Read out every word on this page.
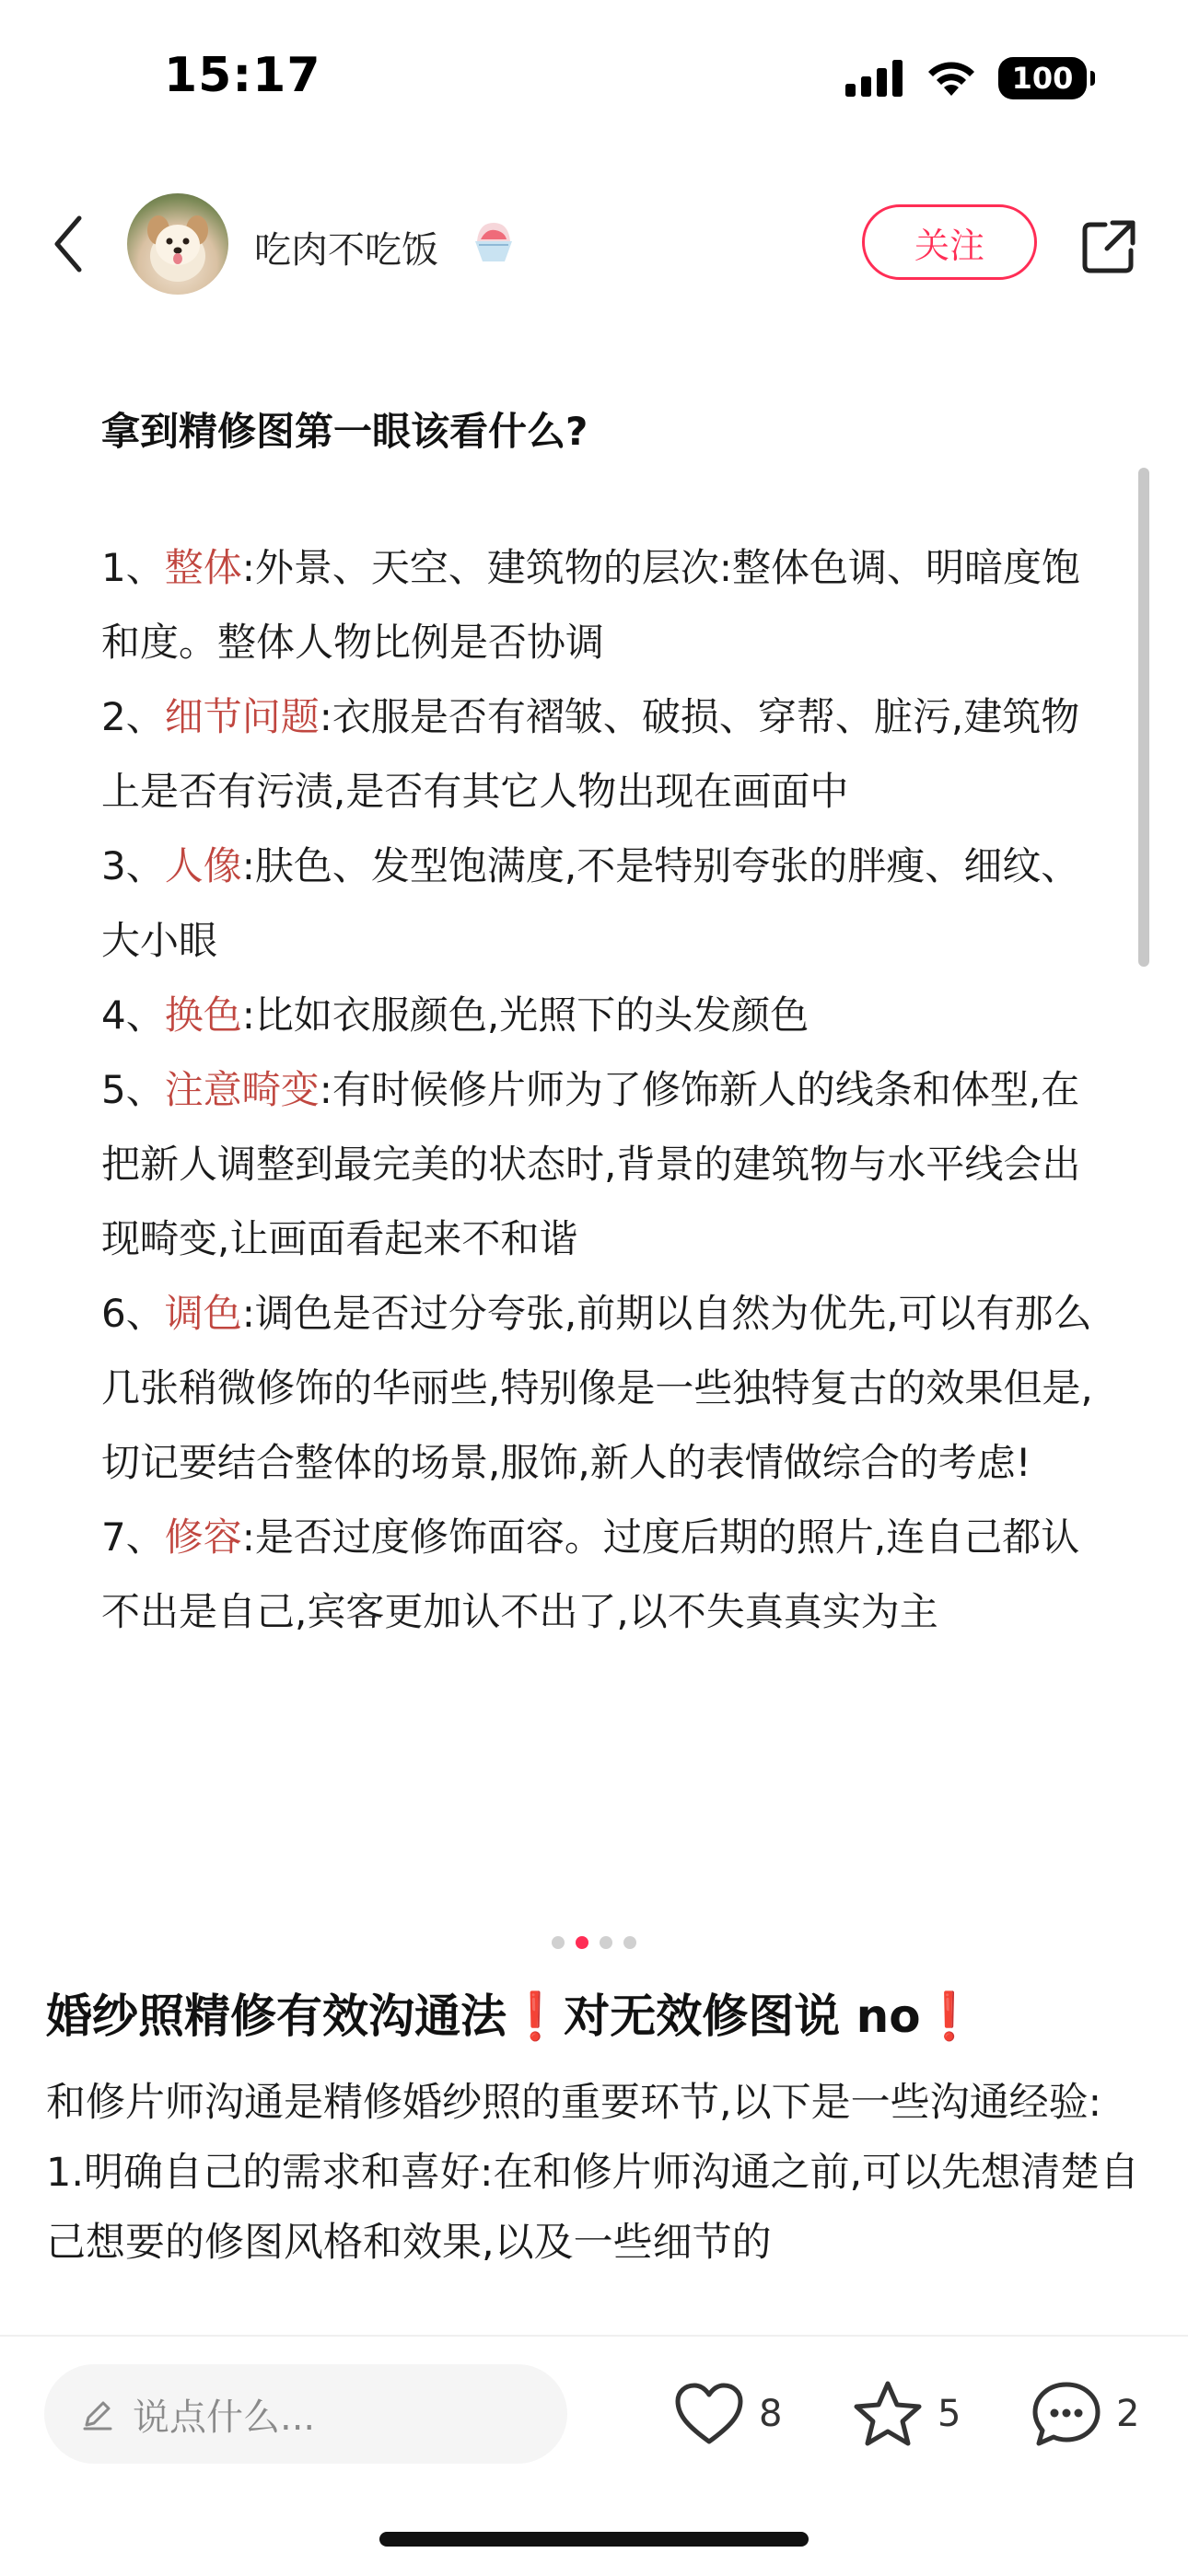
15:17	100
吃肉不吃饭	关注
拿到精修图第一眼该看什么?
1、整体:外景、天空、建筑物的层次:整体色调、明暗度饱和度。整体人物比例是否协调
2、细节问题:衣服是否有褶皱、破损、穿帮、脏污,建筑物上是否有污渍,是否有其它人物出现在画面中
3、人像:肤色、发型饱满度,不是特别夸张的胖瘦、细纹、大小眼
4、换色:比如衣服颜色,光照下的头发颜色
5、注意畸变:有时候修片师为了修饰新人的线条和体型,在把新人调整到最完美的状态时,背景的建筑物与水平线会出现畸变,让画面看起来不和谐
6、调色:调色是否过分夸张,前期以自然为优先,可以有那么几张稍微修饰的华丽些,特别像是一些独特复古的效果但是,切记要结合整体的场景,服饰,新人的表情做综合的考虑!
7、修容:是否过度修饰面容。过度后期的照片,连自己都认不出是自己,宾客更加认不出了,以不失真真实为主
婚纱照精修有效沟通法❗对无效修图说 no❗

和修片师沟通是精修婚纱照的重要环节,以下是一些沟通经验:

1.明确自己的需求和喜好:在和修片师沟通之前,可以先想清楚自己想要的修图风格和效果,以及一些细节的

说点什么...	8	5	2
